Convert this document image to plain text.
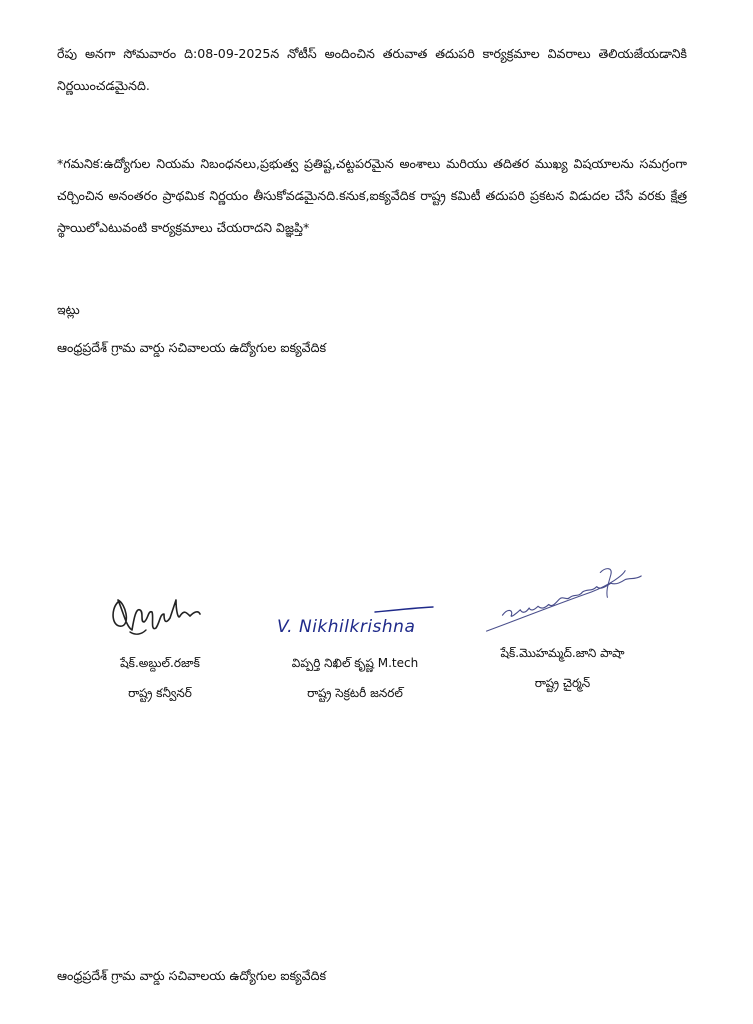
రేపు అనగా సోమవారం ది:08-09-2025న నోటీస్ అందించిన తరువాత తదుపరి కార్యక్రమాల వివరాలు తెలియజేయడానికి నిర్ణయించడమైనది.

*గమనిక:ఉద్యోగుల నియమ నిబంధనలు,ప్రభుత్వ ప్రతిష్ట,చట్టపరమైన అంశాలు మరియు తదితర ముఖ్య విషయాలను సమగ్రంగా చర్చించిన అనంతరం ప్రాథమిక నిర్ణయం తీసుకోవడమైనది.కనుక,ఐక్యవేదిక రాష్ట్ర కమిటీ తదుపరి ప్రకటన విడుదల చేసే వరకు క్షేత్ర స్థాయిలోఎటువంటి కార్యక్రమాలు చేయరాదని విజ్ఞప్తి*

ఇట్లు

ఆంధ్రప్రదేశ్ గ్రామ వార్డు సచివాలయ ఉద్యోగుల ఐక్యవేదిక

షేక్.అబ్దుల్.రజాక్
రాష్ట్ర కన్వీనర్
V. Nikhilkrishna
విప్పర్తి నిఖిల్ కృష్ణ M.tech
రాష్ట్ర సెక్రటరీ జనరల్
షేక్.మొహమ్మద్.జాని పాషా
రాష్ట్ర చైర్మన్

ఆంధ్రప్రదేశ్ గ్రామ వార్డు సచివాలయ ఉద్యోగుల ఐక్యవేదిక
